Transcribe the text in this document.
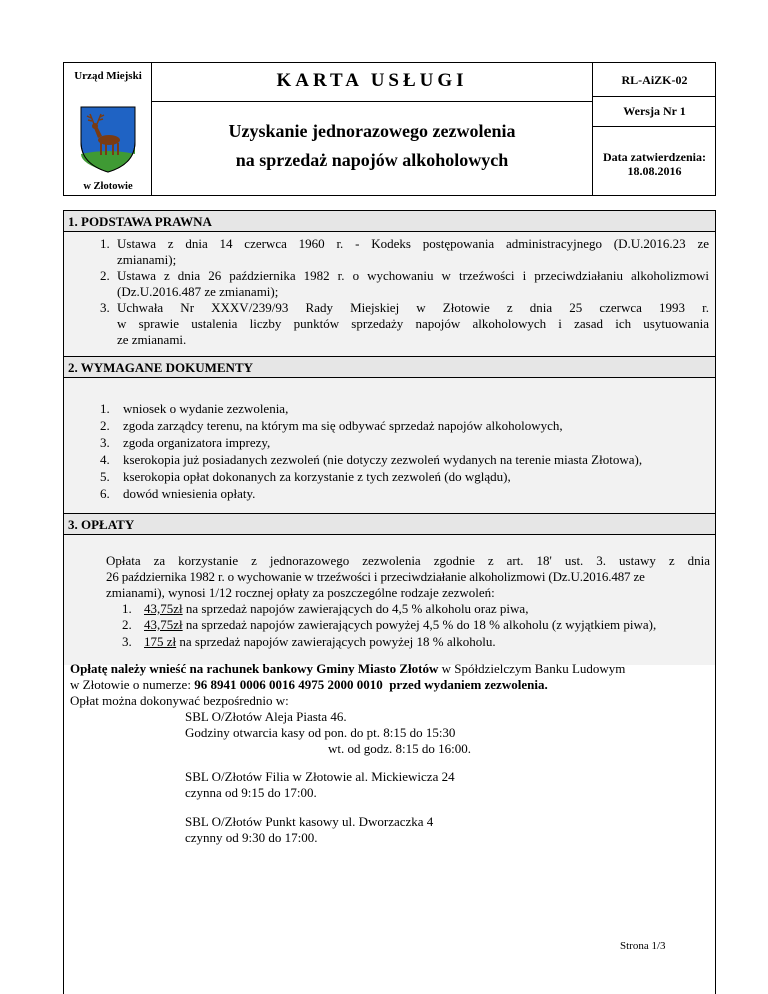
Urząd Miejski
w Złotowie
KARTA USŁUGI
Uzyskanie jednorazowego zezwolenia
na sprzedaż napojów alkoholowych
RL-AiZK-02
Wersja Nr 1
Data zatwierdzenia:
18.08.2016
1. PODSTAWA PRAWNA
1. Ustawa z dnia 14 czerwca 1960 r. - Kodeks postępowania administracyjnego (D.U.2016.23 ze
zmianami);
2. Ustawa z dnia 26 października 1982 r. o wychowaniu w trzeźwości i przeciwdziałaniu alkoholizmowi
(Dz.U.2016.487 ze zmianami);
3. Uchwała Nr XXXV/239/93 Rady Miejskiej w Złotowie z dnia 25 czerwca 1993 r.
w sprawie ustalenia liczby punktów sprzedaży napojów alkoholowych i zasad ich usytuowania
ze zmianami.
2. WYMAGANE DOKUMENTY
1. wniosek o wydanie zezwolenia,
2. zgoda zarządcy terenu, na którym ma się odbywać sprzedaż napojów alkoholowych,
3. zgoda organizatora imprezy,
4. kserokopia już posiadanych zezwoleń (nie dotyczy zezwoleń wydanych na terenie miasta Złotowa),
5. kserokopia opłat dokonanych za korzystanie z tych zezwoleń (do wglądu),
6. dowód wniesienia opłaty.
3. OPŁATY
Opłata za korzystanie z jednorazowego zezwolenia zgodnie z art. 18' ust. 3. ustawy z dnia
26 października 1982 r. o wychowanie w trzeźwości i przeciwdziałanie alkoholizmowi (Dz.U.2016.487 ze
zmianami), wynosi 1/12 rocznej opłaty za poszczególne rodzaje zezwoleń:
1. 43,75zł na sprzedaż napojów zawierających do 4,5 % alkoholu oraz piwa,
2. 43,75zł na sprzedaż napojów zawierających powyżej 4,5 % do 18 % alkoholu (z wyjątkiem piwa),
3. 175 zł na sprzedaż napojów zawierających powyżej 18 % alkoholu.
Opłatę należy wnieść na rachunek bankowy Gminy Miasto Złotów w Spółdzielczym Banku Ludowym
w Złotowie o numerze: 96 8941 0006 0016 4975 2000 0010  przed wydaniem zezwolenia.
Opłat można dokonywać bezpośrednio w:
SBL O/Złotów Aleja Piasta 46.
Godziny otwarcia kasy od pon. do pt. 8:15 do 15:30
wt. od godz. 8:15 do 16:00.
SBL O/Złotów Filia w Złotowie al. Mickiewicza 24
czynna od 9:15 do 17:00.
SBL O/Złotów Punkt kasowy ul. Dworzaczka 4
czynny od 9:30 do 17:00.
Strona 1/3
